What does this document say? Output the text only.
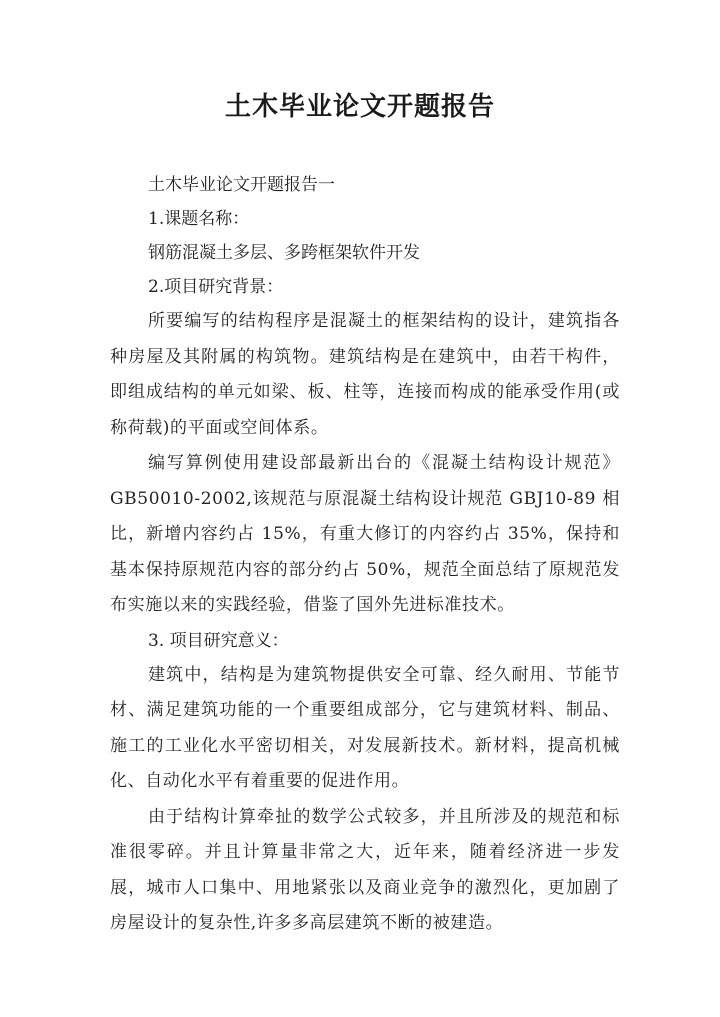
土木毕业论文开题报告

土木毕业论文开题报告一

1.课题名称：

钢筋混凝土多层、多跨框架软件开发

2.项目研究背景：

所要编写的结构程序是混凝土的框架结构的设计，建筑指各种房屋及其附属的构筑物。建筑结构是在建筑中，由若干构件，即组成结构的单元如梁、板、柱等，连接而构成的能承受作用(或称荷载)的平面或空间体系。

编写算例使用建设部最新出台的《混凝土结构设计规范》GB50010-2002,该规范与原混凝土结构设计规范 GBJ10-89 相比，新增内容约占 15%，有重大修订的内容约占 35%，保持和基本保持原规范内容的部分约占 50%，规范全面总结了原规范发布实施以来的实践经验，借鉴了国外先进标准技术。

3. 项目研究意义：

建筑中，结构是为建筑物提供安全可靠、经久耐用、节能节材、满足建筑功能的一个重要组成部分，它与建筑材料、制品、施工的工业化水平密切相关，对发展新技术。新材料，提高机械化、自动化水平有着重要的促进作用。

由于结构计算牵扯的数学公式较多，并且所涉及的规范和标准很零碎。并且计算量非常之大，近年来，随着经济进一步发展，城市人口集中、用地紧张以及商业竞争的激烈化，更加剧了房屋设计的复杂性,许多多高层建筑不断的被建造。
